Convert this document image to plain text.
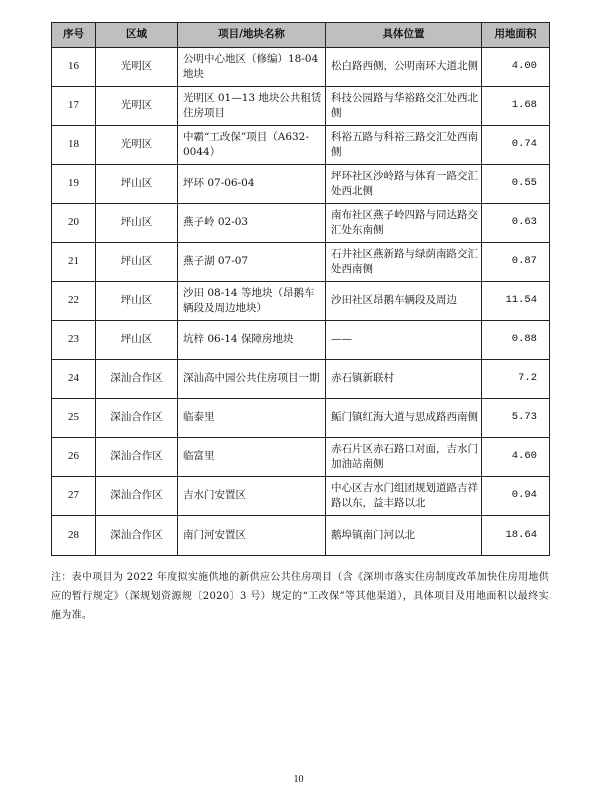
序号	区域	项目/地块名称	具体位置	用地面积
16	光明区	公明中心地区（修编）18-04地块	松白路西侧，公明南环大道北侧	4.00
17	光明区	光明区 01—13 地块公共租赁住房项目	科技公园路与华裕路交汇处西北侧	1.68
18	光明区	中霸“工改保”项目（A632-0044）	科裕五路与科裕三路交汇处西南侧	0.74
19	坪山区	坪环 07-06-04	坪环社区沙岭路与体育一路交汇处西北侧	0.55
20	坪山区	燕子岭 02-03	南布社区燕子岭四路与同达路交汇处东南侧	0.63
21	坪山区	燕子湖 07-07	石井社区燕新路与绿荫南路交汇处西南侧	0.87
22	坪山区	沙田 08-14 等地块（昂鹅车辆段及周边地块）	沙田社区昂鹅车辆段及周边	11.54
23	坪山区	坑梓 06-14 保障房地块	——	0.88
24	深汕合作区	深汕高中园公共住房项目一期	赤石镇新联村	7.2
25	深汕合作区	临泰里	鲘门镇红海大道与思成路西南侧	5.73
26	深汕合作区	临富里	赤石片区赤石路口对面，吉水门加油站南侧	4.60
27	深汕合作区	吉水门安置区	中心区吉水门组团规划道路吉祥路以东，益丰路以北	0.94
28	深汕合作区	南门河安置区	鹅埠镇南门河以北	18.64
注：表中项目为 2022 年度拟实施供地的新供应公共住房项目（含《深圳市落实住房制度改革加快住房用地供应的暂行规定》（深规划资源规〔2020〕3 号）规定的“工改保”等其他渠道），具体项目及用地面积以最终实施为准。
10
